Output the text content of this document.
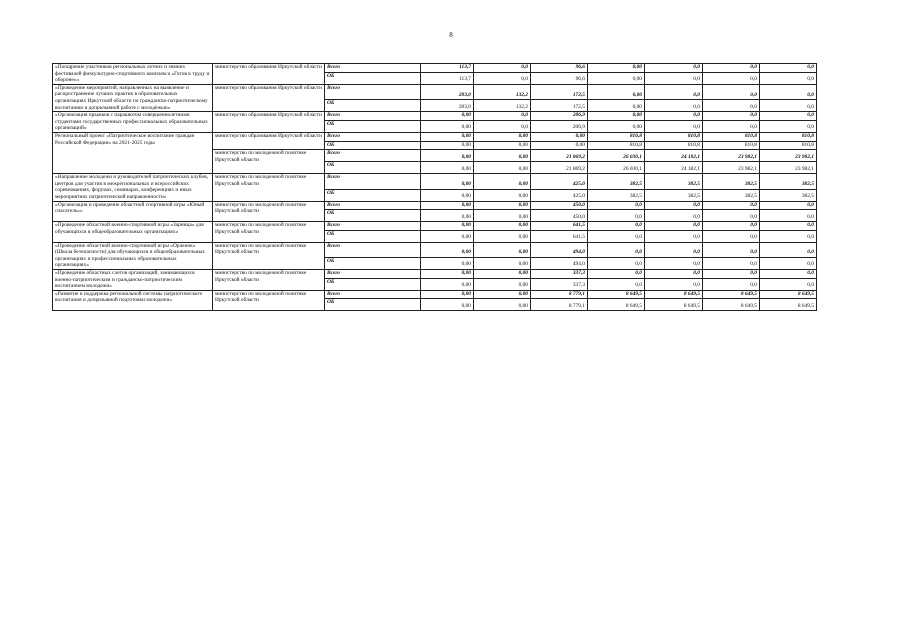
8
«Поощрение участников региональных летних и зимних фестивалей физкультурно-спортивного комплекса «Готов к труду и обороне»»	министерство образования Иркутской области	Всего	113,7	0,0	96,6	0,00	0,0	0,0	0,0
		ОБ	113,7	0,0	96,6	0,00	0,0	0,0	0,0
«Проведение мероприятий, направленных на выявление и распространение лучших практик в образовательных организациях Иркутской области по гражданско-патриотическому воспитанию и допризывной работе с молодёжью»	министерство образования Иркутской области	Всего	203,0	132,2	172,5	0,00	0,0	0,0	0,0
		ОБ	203,0	132,2	172,5	0,00	0,0	0,0	0,0
«Организация прыжков с парашютом совершеннолетними студентами государственных профессиональных образовательных организаций»	министерство образования Иркутской области	Всего	0,00	0,0	206,9	0,00	0,0	0,0	0,0
		ОБ	0,00	0,0	206,9	0,00	0,0	0,0	0,0
Региональный проект «Патриотическое воспитание граждан Российской Федерации» на 2021-2025 годы	министерство образования Иркутской области	Всего	0,00	0,00	0,00	810,8	810,8	810,8	810,8
		ОБ	0,00	0,00	0,00	810,8	810,8	810,8	810,8
	министерство по молодежной политике Иркутской области	Всего	0,00	0,00	21 869,2	26 030,1	24 182,1	23 982,1	23 982,1
		ОБ	0,00	0,00	21 869,2	26 030,1	24 182,1	23 982,1	23 982,1
«Направление молодежи и руководителей патриотических клубов, центров для участия в межрегиональных и всероссийских соревнованиях, форумах, семинарах, конференциях и иных мероприятиях патриотической направленности»	министерство по молодежной политике Иркутской области	Всего	0,00	0,00	425,0	382,5	382,5	382,5	382,5
		ОБ	0,00	0,00	425,0	382,5	382,5	382,5	382,5
«Организация и проведение областной спортивной игры «Юный спасатель»»	министерство по молодежной политике Иркутской области	Всего	0,00	0,00	450,0	0,0	0,0	0,0	0,0
		ОБ	0,00	0,00	450,0	0,0	0,0	0,0	0,0
«Проведение областной военно-спортивной игры «Зарница» для обучающихся в общеобразовательных организациях»	министерство по молодежной политике Иркутской области	Всего	0,00	0,00	641,5	0,0	0,0	0,0	0,0
		ОБ	0,00	0,00	641,5	0,0	0,0	0,0	0,0
«Проведение областной военно-спортивной игры «Орленок» (Школа безопасности) для обучающихся в общеобразовательных организациях и профессиональных образовательных организациях»	министерство по молодежной политике Иркутской области	Всего	0,00	0,00	494,0	0,0	0,0	0,0	0,0
		ОБ	0,00	0,00	494,0	0,0	0,0	0,0	0,0
«Проведение областных слетов организаций, занимающихся военно-патриотическим и гражданско-патриотическим воспитанием молодежи»	министерство по молодежной политике Иркутской области	Всего	0,00	0,00	337,3	0,0	0,0	0,0	0,0
		ОБ	0,00	0,00	337,3	0,0	0,0	0,0	0,0
«Развитие и поддержка региональной системы патриотического воспитания и допризывной подготовки молодежи»	министерство по молодежной политике Иркутской области	Всего	0,00	0,00	8 779,1	8 649,5	8 649,5	8 649,5	8 649,5
		ОБ	0,00	0,00	8 779,1	8 649,5	8 649,5	8 649,5	8 649,5
